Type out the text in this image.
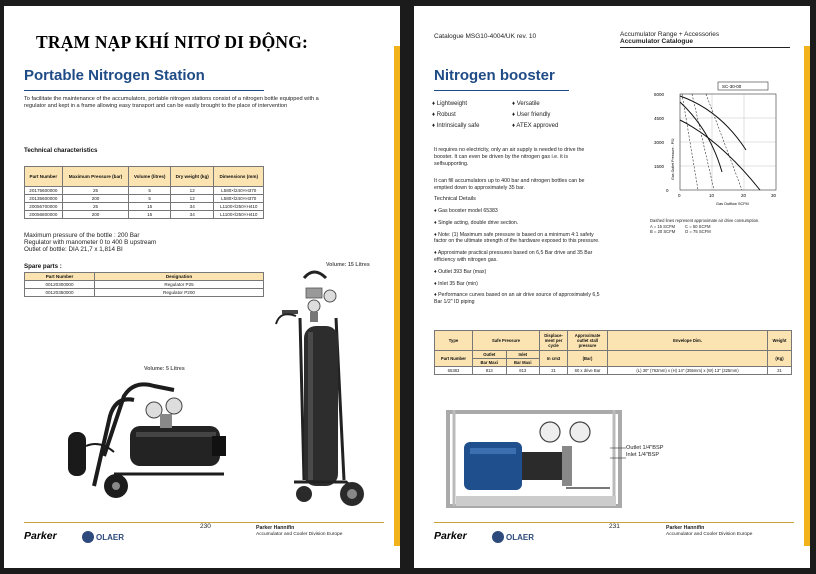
TRẠM NẠP KHÍ NITƠ DI ĐỘNG:
Portable Nitrogen Station
To facilitate the maintenance of the accumulators, portable nitrogen stations consist of a nitrogen bottle equipped with a regulator and kept in a frame allowing easy transport and can be easily brought to the place of intervention
Technical characteristics
Part Number	Maximum Pressure (bar)	Volume (litres)	Dry weight (kg)	Dimensions (mm)
20175600000	25	5	12	L580×l240×H370
20135600000	200	5	12	L580×l240×H370
20056700000	25	15	34	L1100×l250×H410
20056800000	200	15	34	L1100×l250×H410
Maximum pressure of the bottle : 200 Bar
Regulator with manometer 0 to 400 B upstream
Outlet of bottle: DIA 21,7 x 1,814 BI
Spare parts :
Part Number	Designation
00120300000	Regulator P25
00120350000	Regulator P200
Volume: 15 Litres
Volume: 5 Litres
Parker	OLAER
230	Parker Hannifin
Accumulator and Cooler Division Europe
Catalogue MSG10-4004/UK rev. 10	Accumulator Range + Accessories
Accumulator Catalogue
Nitrogen booster
♦ Lightweight
♦ Robust
♦ Intrinsically safe
♦ Versatile
♦ User friendly
♦ ATEX approved
It requires no electricity, only an air supply is needed to drive the booster. It can even be driven by the nitrogen gas i.e. it is selfsupporting.
It can fill accumulators up to 400 bar and nitrogen bottles can be emptied down to approximately 35 bar.
Technical Details
♦ Gas booster model 65383
♦ Single acting, double drive section.
♦ Note: (1) Maximum safe pressure is based on a minimum 4:1 safety factor on the ultimate strength of the hardware exposed to this pressure.
♦ Approximate practical pressures based on 6,5 Bar drive and 35 Bar efficiency with nitrogen gas.
♦ Outlet 393 Bar (max)
♦ Inlet 35 Bar (min)
♦ Performance curves based on an air drive source of approximately 6,5 Bar 1/2" ID piping
SC-30-00
6000
4500
3000
1500
0
0	10	20	30
Gas Outflow SCFM
Gas Outlet Pressure - PSI
Dashed lines represent approximate air drive consumption.
A = 15 SCFM C = 50 SCFM
B = 20 SCFM D = 75 SCFM
Type	Safe Pressure		Displace-ment per cycle	Approximate outlet stall pressure	Envelope Dim.	Weight

Part Number	Outlet	Inlet	In cm3	(Bar)		(Kg)
	Bar Maxi	Bar Maxi				
65383	813	813	21	60 x drive Bar	(L) 30" (762mm) x (H) 14" (355mm) x (W) 13" (325mm)	31
Outlet 1/4"BSP
Inlet 1/4"BSP
Parker	OLAER
231	Parker Hannifin
Accumulator and Cooler Division Europe
